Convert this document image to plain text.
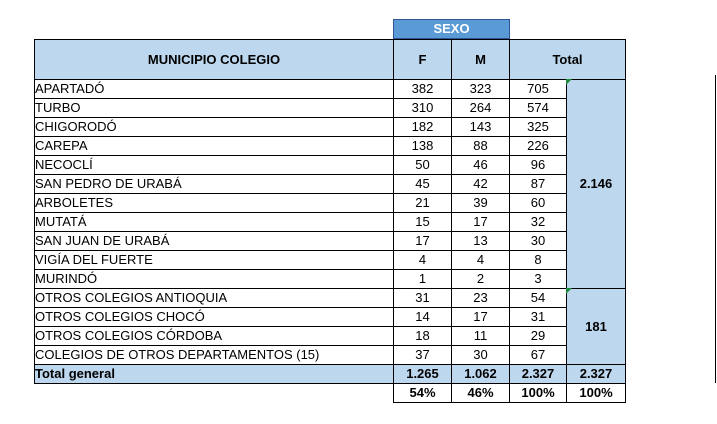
SEXO
MUNICIPIO COLEGIO	F	M	Total	
APARTADÓ	382	323	705	2.146
TURBO	310	264	574	
CHIGORODÓ	182	143	325	
CAREPA	138	88	226	
NECOCLÍ	50	46	96	
SAN PEDRO DE URABÁ	45	42	87	
ARBOLETES	21	39	60	
MUTATÁ	15	17	32	
SAN JUAN DE URABÁ	17	13	30	
VIGÍA DEL FUERTE	4	4	8	
MURINDÓ	1	2	3	
OTROS COLEGIOS ANTIOQUIA	31	23	54	181
OTROS COLEGIOS CHOCÓ	14	17	31	
OTROS COLEGIOS CÓRDOBA	18	11	29	
COLEGIOS DE OTROS DEPARTAMENTOS (15)	37	30	67	
Total general	1.265	1.062	2.327	2.327
	54%	46%	100%	100%
